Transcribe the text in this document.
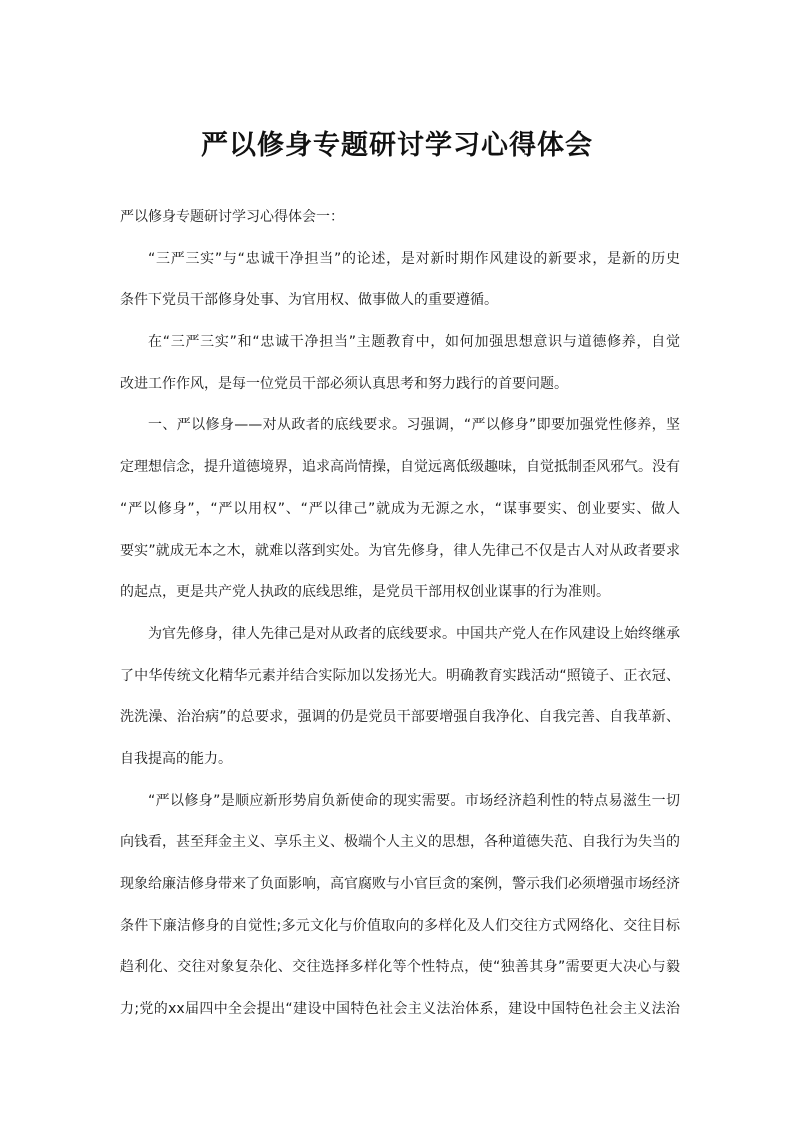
严以修身专题研讨学习心得体会
严以修身专题研讨学习心得体会一：
“三严三实”与“忠诚干净担当”的论述，是对新时期作风建设的新要求，是新的历史
条件下党员干部修身处事、为官用权、做事做人的重要遵循。
在“三严三实”和“忠诚干净担当”主题教育中，如何加强思想意识与道德修养，自觉
改进工作作风，是每一位党员干部必须认真思考和努力践行的首要问题。
一、严以修身——对从政者的底线要求。习强调，“严以修身”即要加强党性修养，坚
定理想信念，提升道德境界，追求高尚情操，自觉远离低级趣味，自觉抵制歪风邪气。没有
“严以修身”，“严以用权”、“严以律己”就成为无源之水，“谋事要实、创业要实、做人
要实”就成无本之木，就难以落到实处。为官先修身，律人先律己不仅是古人对从政者要求
的起点，更是共产党人执政的底线思维，是党员干部用权创业谋事的行为准则。
为官先修身，律人先律己是对从政者的底线要求。中国共产党人在作风建设上始终继承
了中华传统文化精华元素并结合实际加以发扬光大。明确教育实践活动“照镜子、正衣冠、
洗洗澡、治治病”的总要求，强调的仍是党员干部要增强自我净化、自我完善、自我革新、
自我提高的能力。
“严以修身”是顺应新形势肩负新使命的现实需要。市场经济趋利性的特点易滋生一切
向钱看，甚至拜金主义、享乐主义、极端个人主义的思想，各种道德失范、自我行为失当的
现象给廉洁修身带来了负面影响，高官腐败与小官巨贪的案例，警示我们必须增强市场经济
条件下廉洁修身的自觉性;多元文化与价值取向的多样化及人们交往方式网络化、交往目标
趋利化、交往对象复杂化、交往选择多样化等个性特点，使“独善其身”需要更大决心与毅
力;党的xx届四中全会提出“建设中国特色社会主义法治体系，建设中国特色社会主义法治
